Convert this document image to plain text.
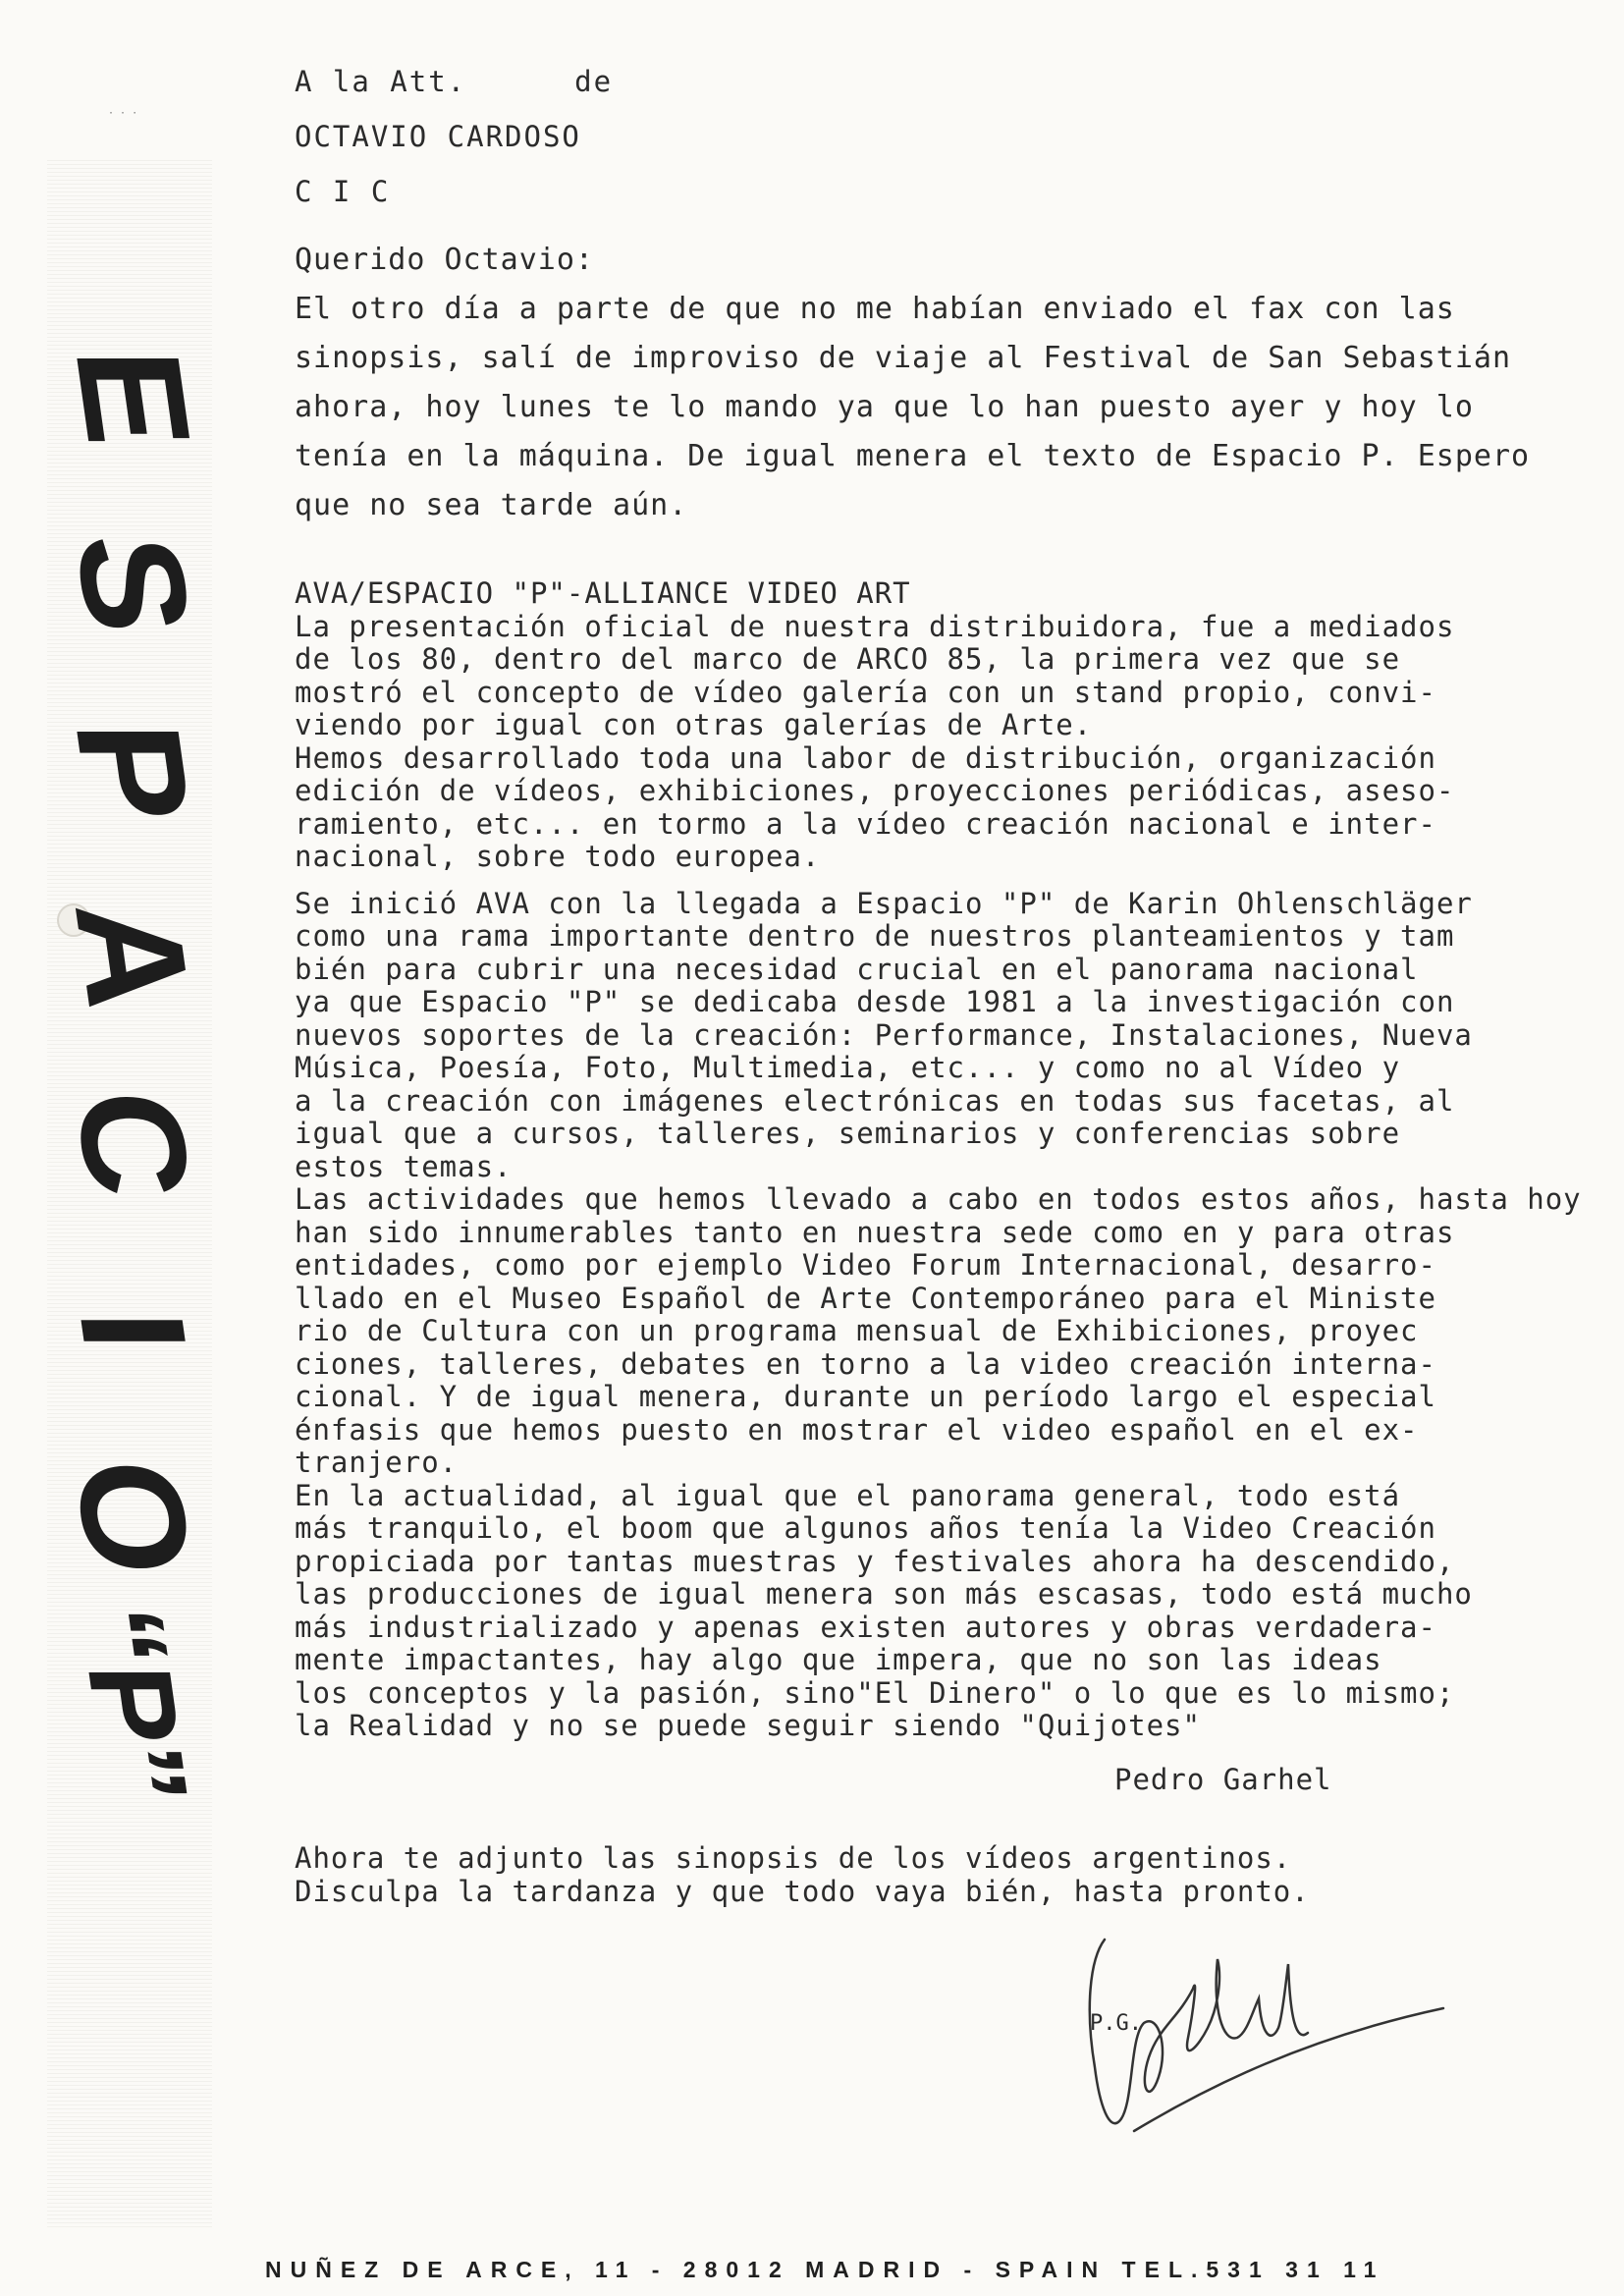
· · ·
E
S
P
A
C
I
O
“P”
A la Att.	de
OCTAVIO CARDOSO
C I C
Querido Octavio:
El otro día a parte de que no me habían enviado el fax con las
sinopsis, salí de improviso de viaje al Festival de San Sebastián
ahora, hoy lunes te lo mando ya que lo han puesto ayer y hoy lo
tenía en la máquina. De igual menera el texto de Espacio P. Espero
que no sea tarde aún.
AVA/ESPACIO "P"-ALLIANCE VIDEO ART
La presentación oficial de nuestra distribuidora, fue a mediados
de los 80, dentro del marco de ARCO 85, la primera vez que se
mostró el concepto de vídeo galería con un stand propio, convi-
viendo por igual con otras galerías de Arte.
Hemos desarrollado toda una labor de distribución, organización
edición de vídeos, exhibiciones, proyecciones periódicas, aseso-
ramiento, etc... en tormo a la vídeo creación nacional e inter-
nacional, sobre todo europea.
Se inició AVA con la llegada a Espacio "P" de Karin Ohlenschläger
como una rama importante dentro de nuestros planteamientos y tam
bién para cubrir una necesidad crucial en el panorama nacional
ya que Espacio "P" se dedicaba desde 1981 a la investigación con
nuevos soportes de la creación: Performance, Instalaciones, Nueva
Música, Poesía, Foto, Multimedia, etc... y como no al Vídeo y
a la creación con imágenes electrónicas en todas sus facetas, al
igual que a cursos, talleres, seminarios y conferencias sobre
estos temas.
Las actividades que hemos llevado a cabo en todos estos años, hasta hoy
han sido innumerables tanto en nuestra sede como en y para otras
entidades, como por ejemplo Video Forum Internacional, desarro-
llado en el Museo Español de Arte Contemporáneo para el Ministe
rio de Cultura con un programa mensual de Exhibiciones, proyec
ciones, talleres, debates en torno a la video creación interna-
cional. Y de igual menera, durante un período largo el especial
énfasis que hemos puesto en mostrar el video español en el ex-
tranjero.
En la actualidad, al igual que el panorama general, todo está
más tranquilo, el boom que algunos años tenía la Video Creación
propiciada por tantas muestras y festivales ahora ha descendido,
las producciones de igual menera son más escasas, todo está mucho
más industrializado y apenas existen autores y obras verdadera-
mente impactantes, hay algo que impera, que no son las ideas
los conceptos y la pasión, sino"El Dinero" o lo que es lo mismo;
la Realidad y no se puede seguir siendo "Quijotes"
Pedro Garhel
Ahora te adjunto las sinopsis de los vídeos argentinos.
Disculpa la tardanza y que todo vaya bién, hasta pronto.
P.G.
NUÑEZ DE ARCE, 11 - 28012 MADRID - SPAIN TEL.531 31 11
